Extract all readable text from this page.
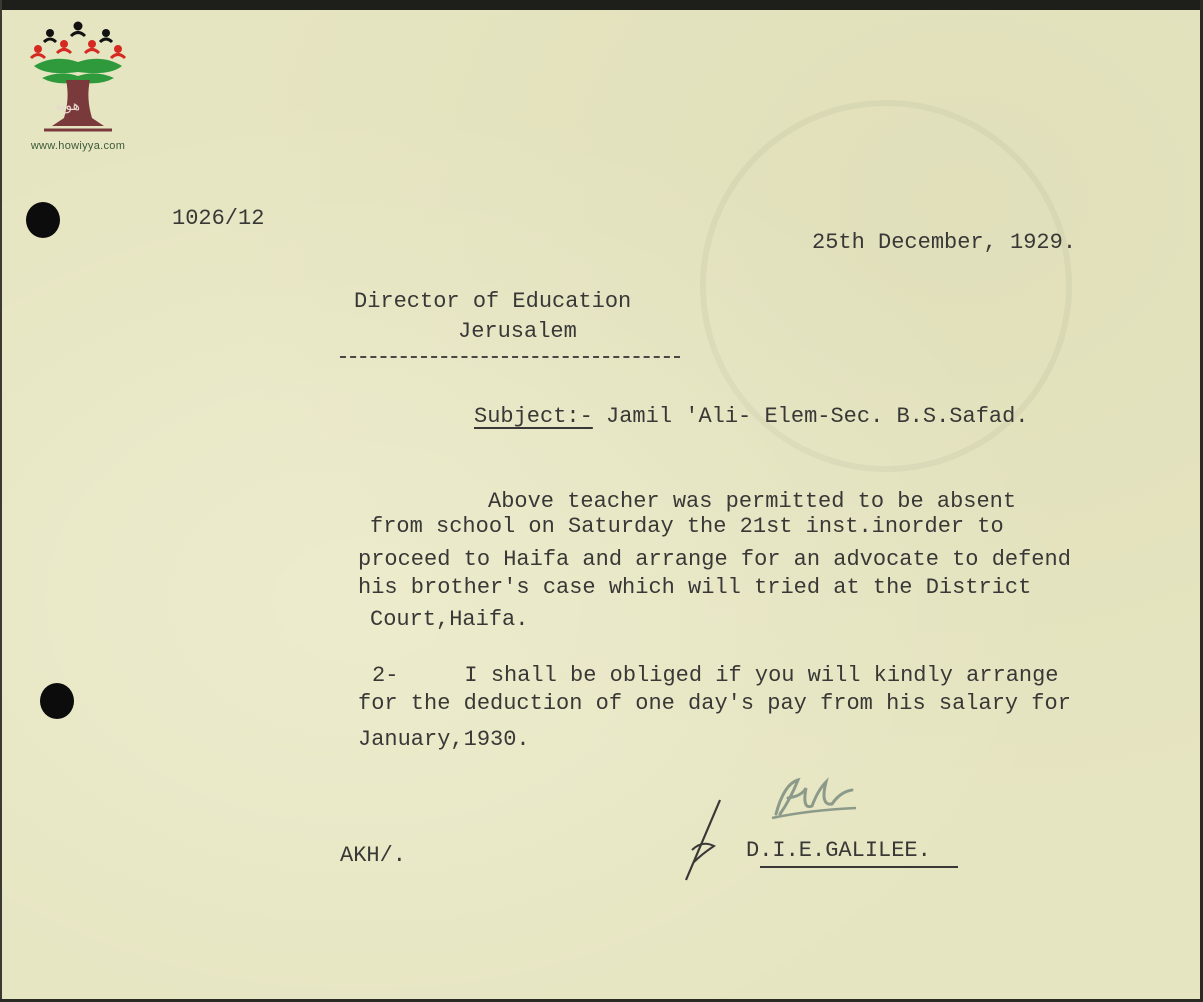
هوية
www.howiyya.com
1026/12
25th December, 1929.
Director of Education
Jerusalem
Subject:- Jamil 'Ali- Elem-Sec. B.S.Safad.
Above teacher was permitted to be absent
from school on Saturday the 21st inst.inorder to
proceed to Haifa and arrange for an advocate to defend
his brother's case which will tried at the District
Court,Haifa.
2-     I shall be obliged if you will kindly arrange
for the deduction of one day's pay from his salary for
January,1930.
AKH/.	D.I.E.GALILEE.
